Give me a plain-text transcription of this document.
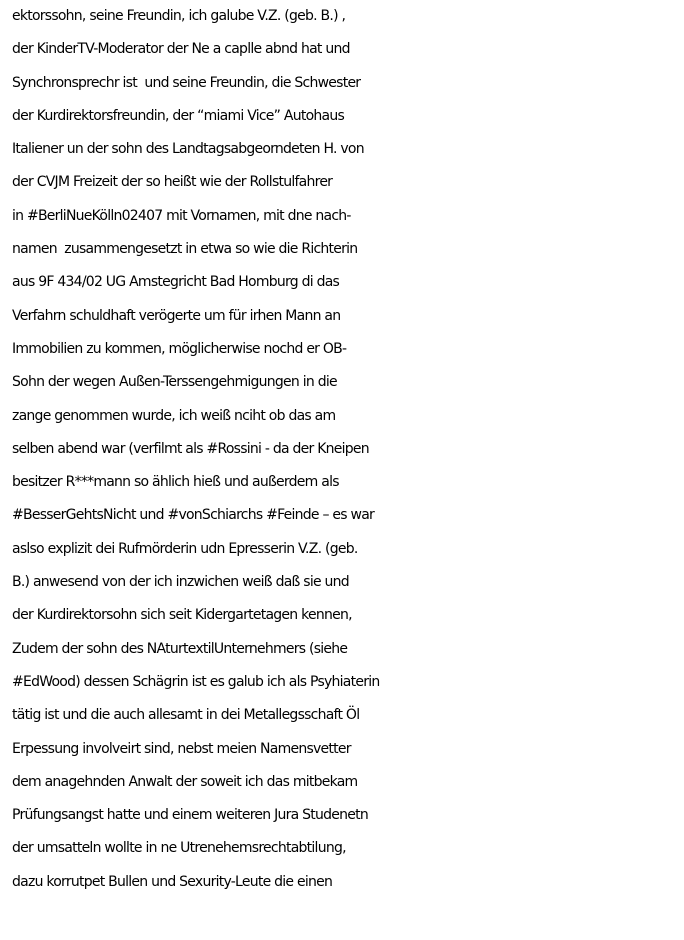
ektorssohn, seine Freundin, ich galube V.Z. (geb. B.) ,
der KinderTV-Moderator der Ne a caplle abnd hat und
Synchronsprechr ist  und seine Freundin, die Schwester
der Kurdirektorsfreundin, der “miami Vice” Autohaus
Italiener un der sohn des Landtagsabgeorndeten H. von
der CVJM Freizeit der so heißt wie der Rollstulfahrer
in #BerliNueKölln02407 mit Vornamen, mit dne nach-
namen  zusammengesetzt in etwa so wie die Richterin
aus 9F 434/02 UG Amstegricht Bad Homburg di das
Verfahrn schuldhaft verögerte um für irhen Mann an
Immobilien zu kommen, möglicherwise nochd er OB-
Sohn der wegen Außen-Terssengehmigungen in die
zange genommen wurde, ich weiß nciht ob das am
selben abend war (verfilmt als #Rossini - da der Kneipen
besitzer R***mann so ählich hieß und außerdem als
#BesserGehtsNicht und #vonSchiarchs #Feinde – es war
aslso explizit dei Rufmörderin udn Epresserin V.Z. (geb.
B.) anwesend von der ich inzwichen weiß daß sie und
der Kurdirektorsohn sich seit Kidergartetagen kennen,
Zudem der sohn des NAturtextilUnternehmers (siehe
#EdWood) dessen Schägrin ist es galub ich als Psyhiaterin
tätig ist und die auch allesamt in dei Metallegsschaft Öl
Erpessung involveirt sind, nebst meien Namensvetter
dem anagehnden Anwalt der soweit ich das mitbekam
Prüfungsangst hatte und einem weiteren Jura Studenetn
der umsatteln wollte in ne Utrenehemsrechtabtilung,
dazu korrutpet Bullen und Sexurity-Leute die einen
